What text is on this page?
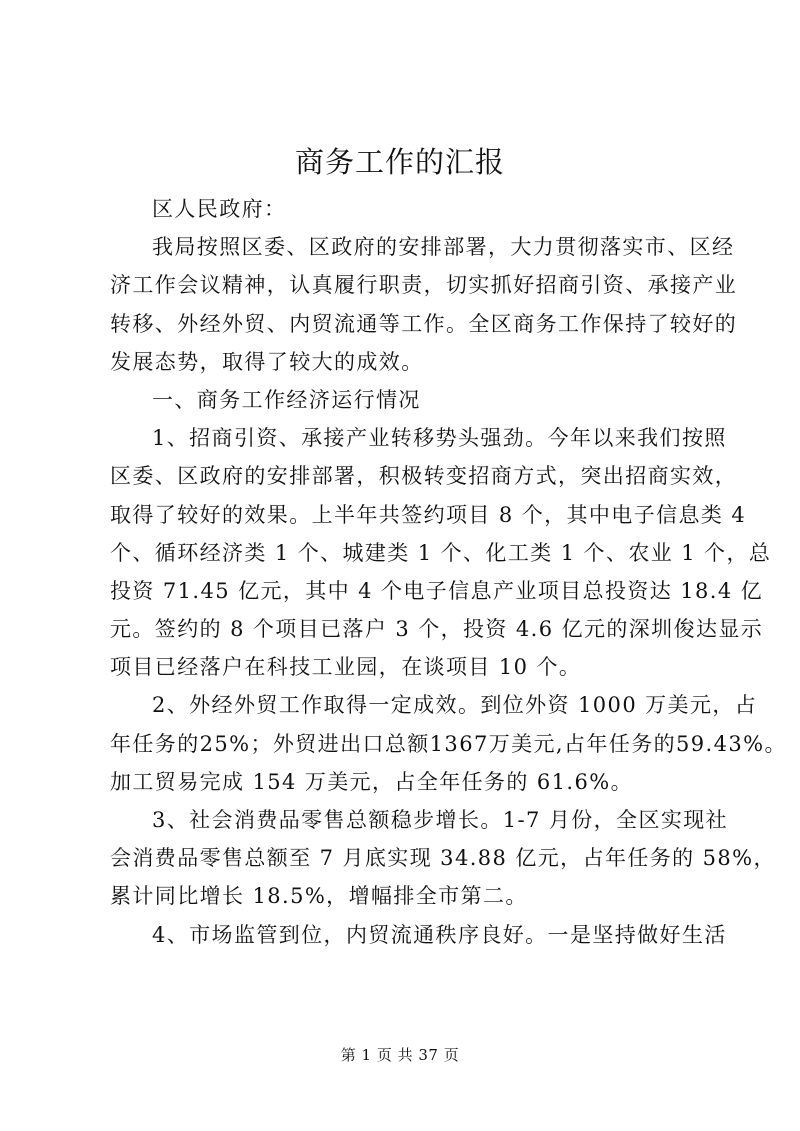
商务工作的汇报
区人民政府：
我局按照区委、区政府的安排部署，大力贯彻落实市、区经
济工作会议精神，认真履行职责，切实抓好招商引资、承接产业
转移、外经外贸、内贸流通等工作。全区商务工作保持了较好的
发展态势，取得了较大的成效。
一、商务工作经济运行情况
1、招商引资、承接产业转移势头强劲。今年以来我们按照
区委、区政府的安排部署，积极转变招商方式，突出招商实效，
取得了较好的效果。上半年共签约项目 8 个，其中电子信息类 4
个、循环经济类 1 个、城建类 1 个、化工类 1 个、农业 1 个，总
投资 71.45 亿元，其中 4 个电子信息产业项目总投资达 18.4 亿
元。签约的 8 个项目已落户 3 个，投资 4.6 亿元的深圳俊达显示
项目已经落户在科技工业园，在谈项目 10 个。
2、外经外贸工作取得一定成效。到位外资 1000 万美元，占
年任务的25%；外贸进出口总额1367万美元,占年任务的59.43%。
加工贸易完成 154 万美元，占全年任务的 61.6%。
3、社会消费品零售总额稳步增长。1-7 月份，全区实现社
会消费品零售总额至 7 月底实现 34.88 亿元，占年任务的 58%，
累计同比增长 18.5%，增幅排全市第二。
4、市场监管到位，内贸流通秩序良好。一是坚持做好生活
第 1 页 共 37 页
